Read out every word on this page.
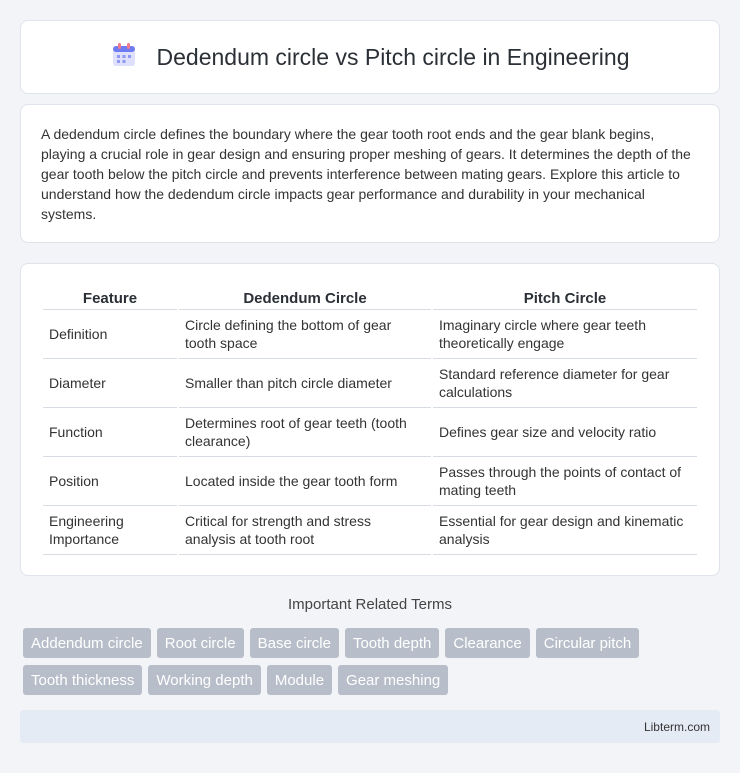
Dedendum circle vs Pitch circle in Engineering

A dedendum circle defines the boundary where the gear tooth root ends and the gear blank begins, playing a crucial role in gear design and ensuring proper meshing of gears. It determines the depth of the gear tooth below the pitch circle and prevents interference between mating gears. Explore this article to understand how the dedendum circle impacts gear performance and durability in your mechanical systems.

Feature	Dedendum Circle	Pitch Circle
Definition	Circle defining the bottom of gear tooth space	Imaginary circle where gear teeth theoretically engage
Diameter	Smaller than pitch circle diameter	Standard reference diameter for gear calculations
Function	Determines root of gear teeth (tooth clearance)	Defines gear size and velocity ratio
Position	Located inside the gear tooth form	Passes through the points of contact of mating teeth
Engineering Importance	Critical for strength and stress analysis at tooth root	Essential for gear design and kinematic analysis
Important Related Terms
Addendum circle	Root circle	Base circle	Tooth depth	Clearance	Circular pitch
Tooth thickness	Working depth	Module	Gear meshing
Libterm.com
